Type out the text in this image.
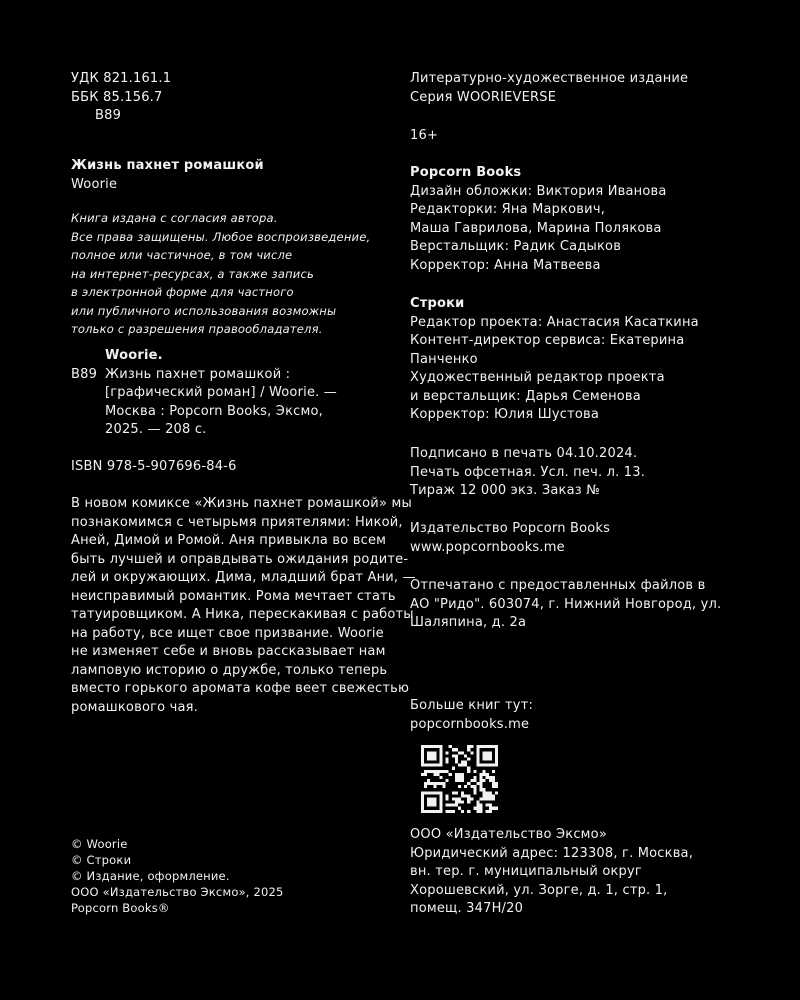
УДК 821.161.1
ББК 85.156.7
В89
Жизнь пахнет ромашкой
Woorie
Книга издана с согласия автора.
Все права защищены. Любое воспроизведение,
полное или частичное, в том числе
на интернет-ресурсах, а также запись
в электронной форме для частного
или публичного использования возможны
только с разрешения правообладателя.
Woorie.
В89 Жизнь пахнет ромашкой :
[графический роман] / Woorie. —
Москва : Popcorn Books, Эксмо,
2025. — 208 с.
ISBN 978-5-907696-84-6
В новом комиксе «Жизнь пахнет ромашкой» мы
познакомимся с четырьмя приятелями: Никой,
Аней, Димой и Ромой. Аня привыкла во всем
быть лучшей и оправдывать ожидания родите-
лей и окружающих. Дима, младший брат Ани, —
неисправимый романтик. Рома мечтает стать
татуировщиком. А Ника, перескакивая с работы
на работу, все ищет свое призвание. Woorie
не изменяет себе и вновь рассказывает нам
ламповую историю о дружбе, только теперь
вместо горького аромата кофе веет свежестью
ромашкового чая.
© Woorie
© Строки
© Издание, оформление.
ООО «Издательство Эксмо», 2025
Popcorn Books®
Литературно-художественное издание
Серия WOORIEVERSE
16+
Popcorn Books
Дизайн обложки: Виктория Иванова
Редакторки: Яна Маркович,
Маша Гаврилова, Марина Полякова
Верстальщик: Радик Садыков
Корректор: Анна Матвеева
Строки
Редактор проекта: Анастасия Касаткина
Контент-директор сервиса: Екатерина
Панченко
Художественный редактор проекта
и верстальщик: Дарья Семенова
Корректор: Юлия Шустова
Подписано в печать 04.10.2024.
Печать офсетная. Усл. печ. л. 13.
Тираж 12 000 экз. Заказ №
Издательство Popcorn Books
www.popcornbooks.me
Отпечатано с предоставленных файлов в
АО "Ридо". 603074, г. Нижний Новгород, ул.
Шаляпина, д. 2а
Больше книг тут:
popcornbooks.me
ООО «Издательство Эксмо»
Юридический адрес: 123308, г. Москва,
вн. тер. г. муниципальный округ
Хорошевский, ул. Зорге, д. 1, стр. 1,
помещ. 347Н/20
